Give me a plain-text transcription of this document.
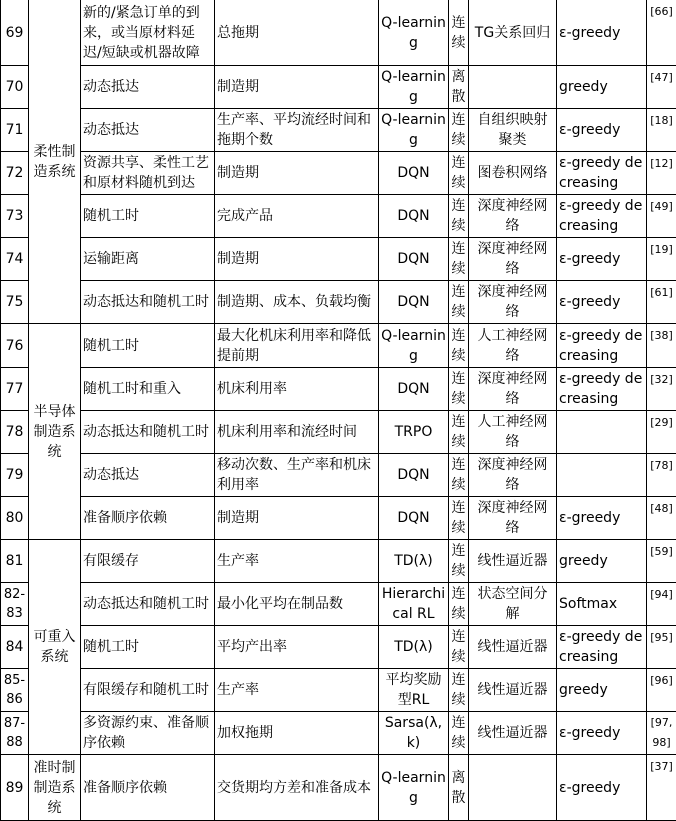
69	柔性制造系统	新的/紧急订单的到来，或当原材料延迟/短缺或机器故障	总拖期	Q-learning	连续	TG关系回归	ε-greedy	[66]
70		动态抵达	制造期	Q-learning	离散		greedy	[47]
71		动态抵达	生产率、平均流经时间和拖期个数	Q-learning	连续	自组织映射聚类	ε-greedy	[18]
72		资源共享、柔性工艺和原材料随机到达	制造期	DQN	连续	图卷积网络	ε-greedy decreasing	[12]
73		随机工时	完成产品	DQN	连续	深度神经网络	ε-greedy decreasing	[49]
74		运输距离	制造期	DQN	连续	深度神经网络	ε-greedy	[19]
75		动态抵达和随机工时	制造期、成本、负载均衡	DQN	连续	深度神经网络	ε-greedy	[61]
76	半导体制造系统	随机工时	最大化机床利用率和降低提前期	Q-learning	连续	人工神经网络	ε-greedy decreasing	[38]
77		随机工时和重入	机床利用率	DQN	连续	深度神经网络	ε-greedy decreasing	[32]
78		动态抵达和随机工时	机床利用率和流经时间	TRPO	连续	人工神经网络		[29]
79		动态抵达	移动次数、生产率和机床利用率	DQN	连续	深度神经网络		[78]
80		准备顺序依赖	制造期	DQN	连续	深度神经网络	ε-greedy	[48]
81	可重入系统	有限缓存	生产率	TD(λ)	连续	线性逼近器	greedy	[59]
82-83		动态抵达和随机工时	最小化平均在制品数	Hierarchical RL	连续	状态空间分解	Softmax	[94]
84		随机工时	平均产出率	TD(λ)	连续	线性逼近器	ε-greedy decreasing	[95]
85-86		有限缓存和随机工时	生产率	平均奖励型RL	连续	线性逼近器	greedy	[96]
87-88		多资源约束、准备顺序依赖	加权拖期	Sarsa(λ,k)	连续	线性逼近器	ε-greedy	[97, 98]
89	准时制制造系统	准备顺序依赖	交货期均方差和准备成本	Q-learning	离散		ε-greedy	[37]
